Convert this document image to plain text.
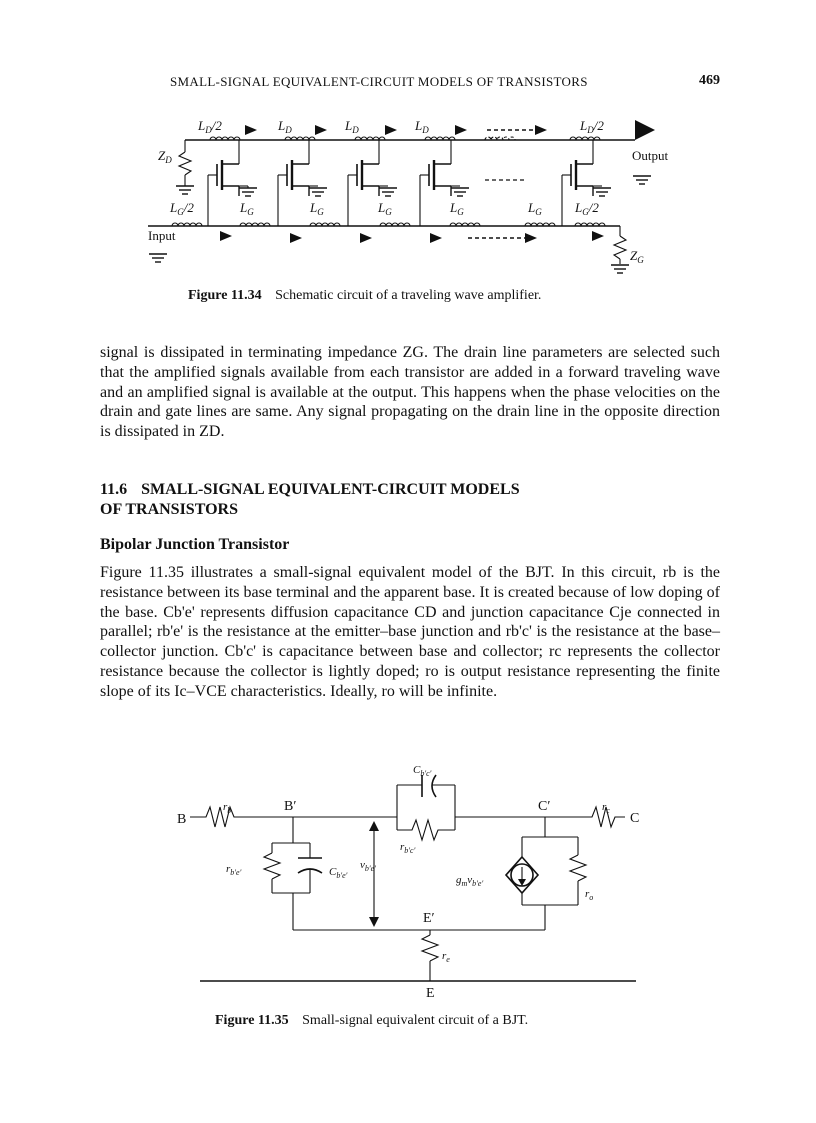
SMALL-SIGNAL EQUIVALENT-CIRCUIT MODELS OF TRANSISTORS	469
$L_D/2$	$L_D$	$L_D$	$L_D$	$L_D/2$
$Z_D$	Output
$L_G/2$	$L_G$	$L_G$	$L_G$	$L_G$	$L_G$	$L_G/2$
Input
$Z_G$
Figure 11.34 Schematic circuit of a traveling wave amplifier.
signal is dissipated in terminating impedance ZG. The drain line parameters are selected such that the amplified signals available from each transistor are added in a forward traveling wave and an amplified signal is available at the output. This happens when the phase velocities on the drain and gate lines are same. Any signal propagating on the drain line in the opposite direction is dissipated in ZD.
11.6 SMALL-SIGNAL EQUIVALENT-CIRCUIT MODELS
OF TRANSISTORS
Bipolar Junction Transistor
Figure 11.35 illustrates a small-signal equivalent model of the BJT. In this circuit, rb is the resistance between its base terminal and the apparent base. It is created because of low doping of the base. Cb'e' represents diffusion capacitance CD and junction capacitance Cje connected in parallel; rb'e' is the resistance at the emitter–base junction and rb'c' is the resistance at the base–collector junction. Cb'c' is capacitance between base and collector; rc represents the collector resistance because the collector is lightly doped; ro is output resistance representing the finite slope of its Ic–VCE characteristics. Ideally, ro will be infinite.
B
$r_b$	B′
$C_{b'c'}$
$r_{b'c'}$
C′	$r_c$
C
$r_{b'e'}$	$C_{b'e'}$
$v_{b'e'}$
$g_mv_{b'e'}$
$r_o$
E′
$r_e$
E
Figure 11.35 Small-signal equivalent circuit of a BJT.
